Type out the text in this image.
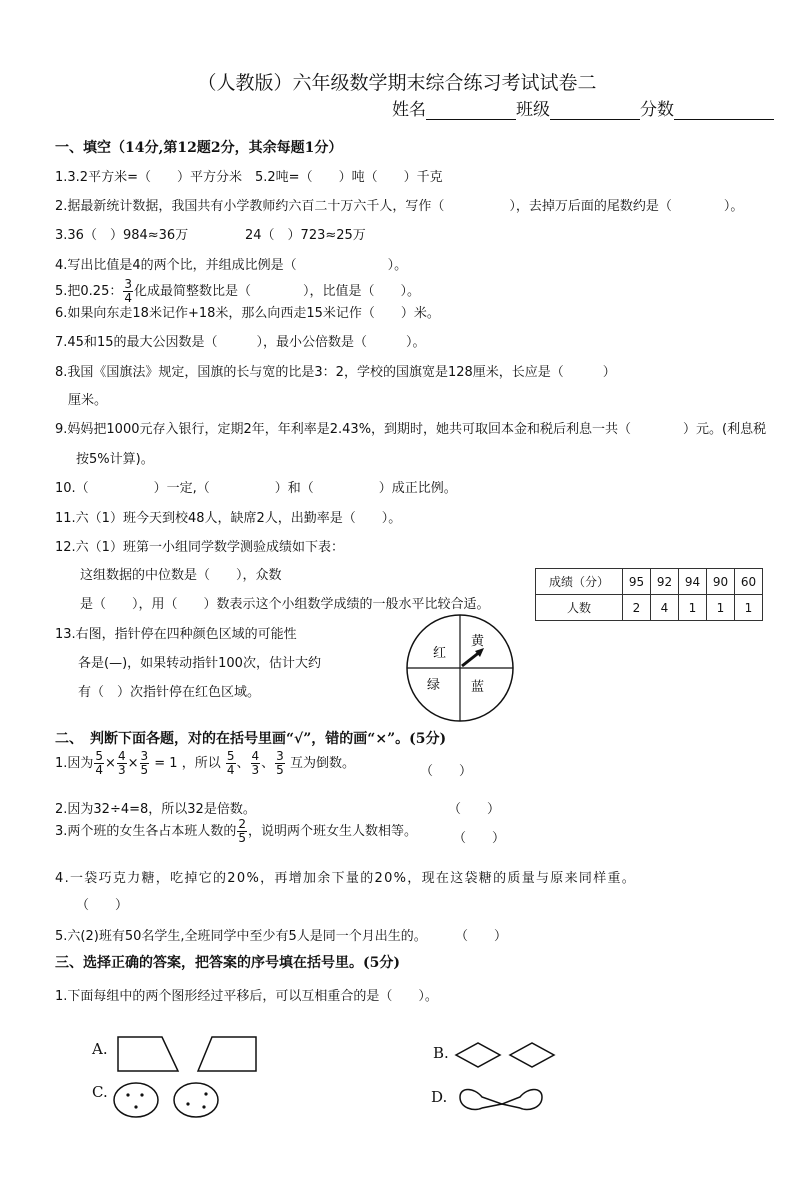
（人教版）六年级数学期末综合练习考试试卷二
姓名	班级	分数
一、填空（14分,第12题2分，其余每题1分）
1.3.2平方米=（　　）平方分米 5.2吨=（　　）吨（　　）千克
2.据最新统计数据，我国共有小学教师约六百二十万六千人，写作（　　　　　），去掉万后面的尾数约是（　　　　）。
3.36（　）984≈36万	24（　）723≈25万
4.写出比值是4的两个比，并组成比例是（　　　　　　　）。
5.把0.25： $\frac{3}{4}$ 化成最简整数比是（　　　　），比值是（　　）。
6.如果向东走18米记作+18米，那么向西走15米记作（　　）米。
7.45和15的最大公因数是（　　　），最小公倍数是（　　　）。
8.我国《国旗法》规定，国旗的长与宽的比是3：2，学校的国旗宽是128厘米，长应是（　　　）
厘米。
9.妈妈把1000元存入银行，定期2年，年利率是2.43%，到期时，她共可取回本金和税后利息一共（　　　　）元。(利息税
按5%计算)。
10.（　　　　　）一定,（　　　　　）和（　　　　　）成正比例。
11.六（1）班今天到校48人，缺席2人，出勤率是（　　）。
12.六（1）班第一小组同学数学测验成绩如下表：
这组数据的中位数是（　　），众数
是（　　），用（　　）数表示这个小组数学成绩的一般水平比较合适。
成绩（分）	95	92	94	90	60
人数	2	4	1	1	1
13.右图，指针停在四种颜色区域的可能性
各是(—)，如果转动指针100次，估计大约
有（　）次指针停在红色区域。
红
黄
绿 蓝
二、　判断下面各题，对的在括号里画“√”，错的画“×”。(5分)
1.因为 $\frac{5}{4} \times \frac{4}{3} \times \frac{3}{5} = 1$ ，所以 $\frac{5}{4}$ 、 $\frac{4}{3}$ 、 $\frac{3}{5}$ 互为倒数。
（　　）
2.因为32÷4=8，所以32是倍数。	（　　）
3.两个班的女生各占本班人数的 $\frac{2}{5}$ ，说明两个班女生人数相等。	（　　）
4.一袋巧克力糖，吃掉它的20%，再增加余下量的20%，现在这袋糖的质量与原来同样重。
（　　）
5.六(2)班有50名学生,全班同学中至少有5人是同一个月出生的。 （　　）
三、选择正确的答案，把答案的序号填在括号里。(5分)
1.下面每组中的两个图形经过平移后，可以互相重合的是（　　）。
A.	B.
C.	D.
